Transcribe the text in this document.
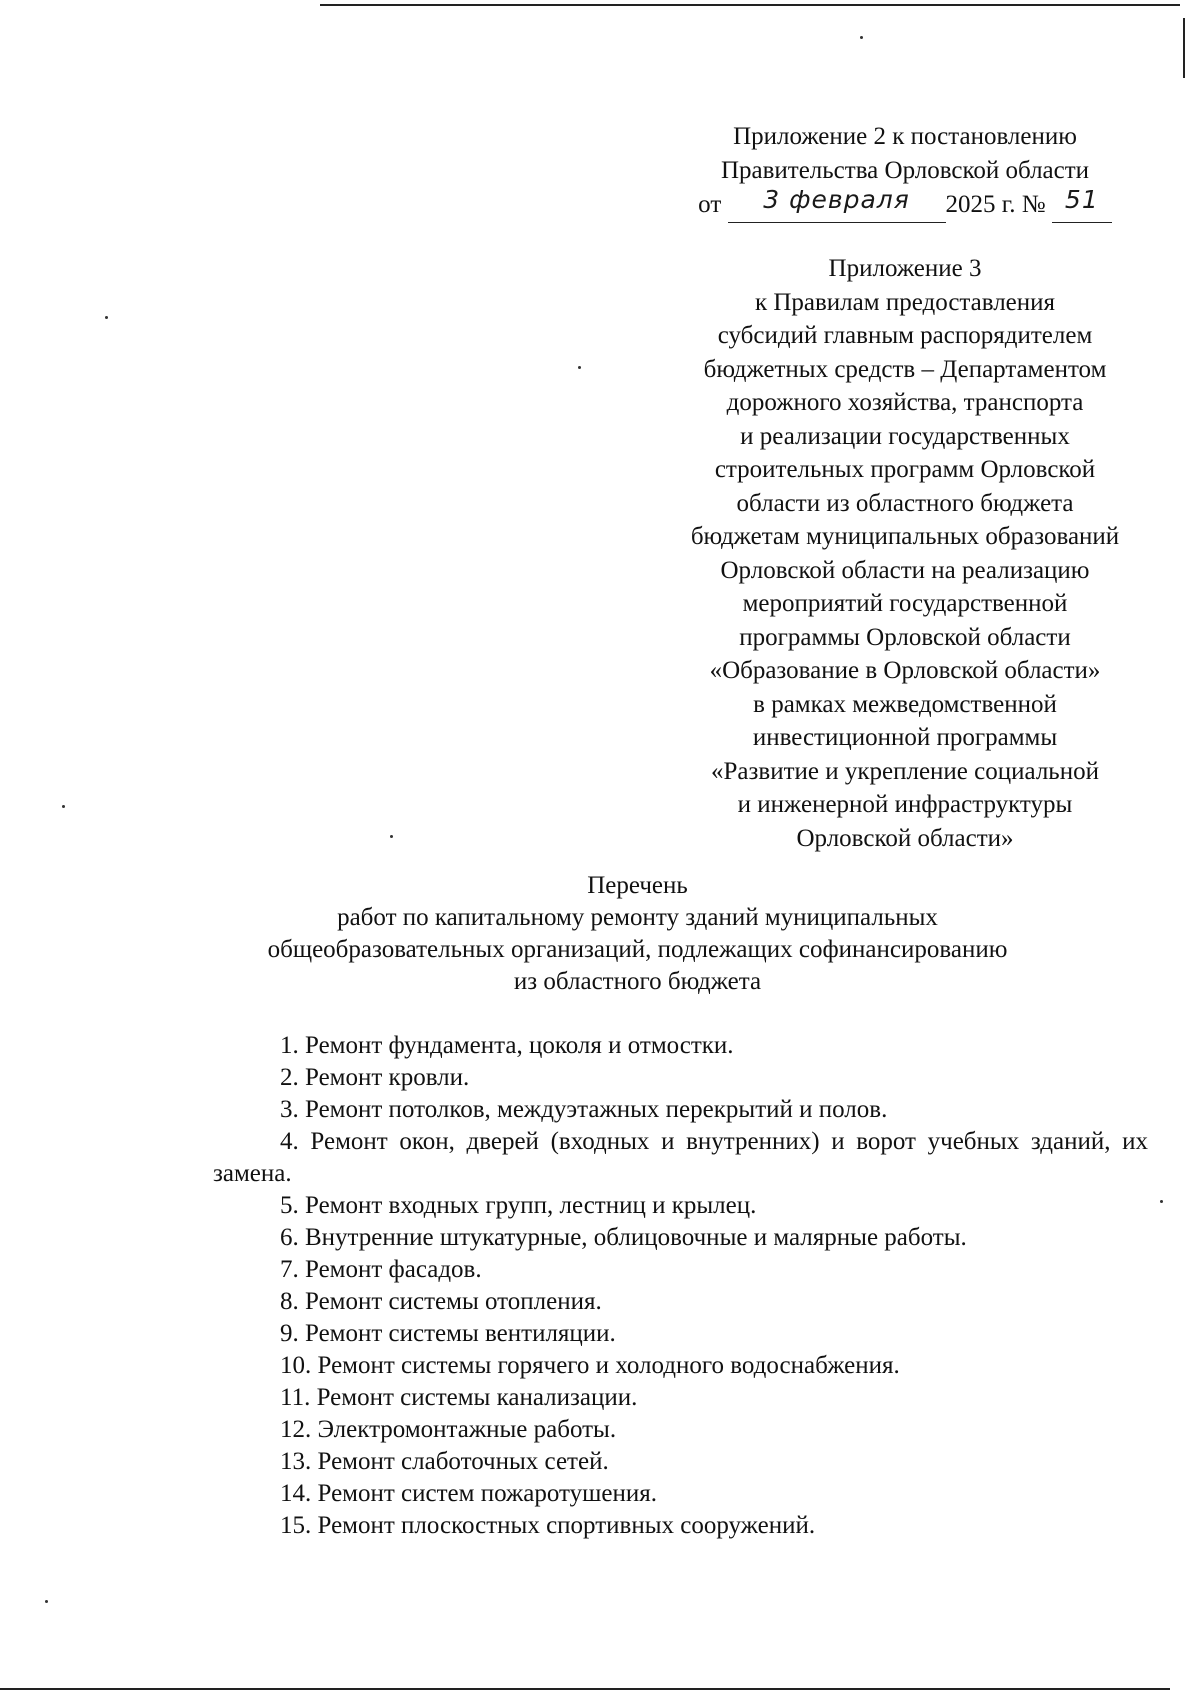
Приложение 2 к постановлению
Правительства Орловской области
от 3 февраля 2025 г. № 51
Приложение 3
к Правилам предоставления
субсидий главным распорядителем
бюджетных средств – Департаментом
дорожного хозяйства, транспорта
и реализации государственных
строительных программ Орловской
области из областного бюджета
бюджетам муниципальных образований
Орловской области на реализацию
мероприятий государственной
программы Орловской области
«Образование в Орловской области»
в рамках межведомственной
инвестиционной программы
«Развитие и укрепление социальной
и инженерной инфраструктуры
Орловской области»
Перечень
работ по капитальному ремонту зданий муниципальных
общеобразовательных организаций, подлежащих софинансированию
из областного бюджета
1. Ремонт фундамента, цоколя и отмостки.
2. Ремонт кровли.
3. Ремонт потолков, междуэтажных перекрытий и полов.
4. Ремонт окон, дверей (входных и внутренних) и ворот учебных зданий, их замена.
5. Ремонт входных групп, лестниц и крылец.
6. Внутренние штукатурные, облицовочные и малярные работы.
7. Ремонт фасадов.
8. Ремонт системы отопления.
9. Ремонт системы вентиляции.
10. Ремонт системы горячего и холодного водоснабжения.
11. Ремонт системы канализации.
12. Электромонтажные работы.
13. Ремонт слаботочных сетей.
14. Ремонт систем пожаротушения.
15. Ремонт плоскостных спортивных сооружений.
